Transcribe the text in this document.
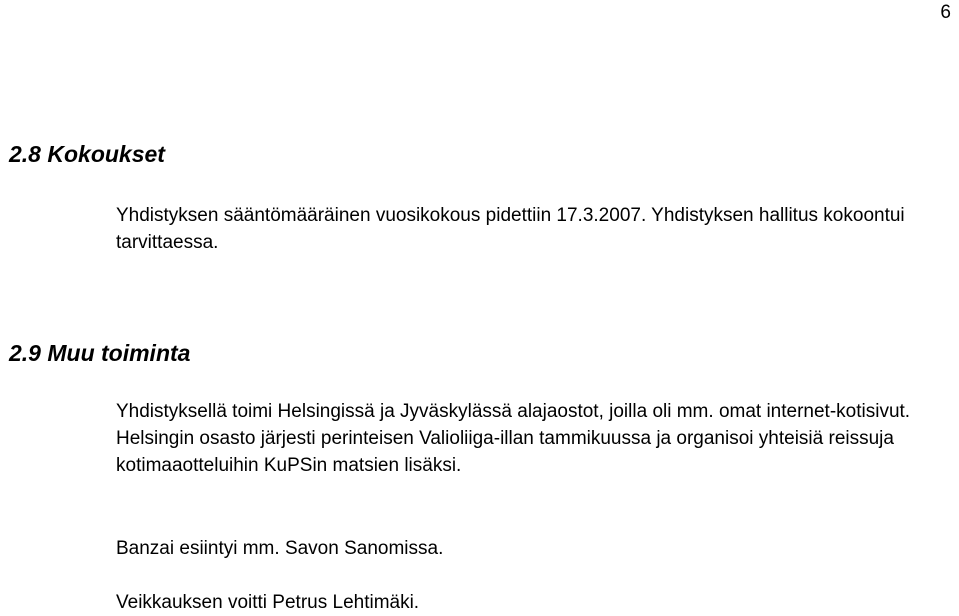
6
2.8 Kokoukset

Yhdistyksen sääntömääräinen vuosikokous pidettiin 17.3.2007. Yhdistyksen hallitus kokoontui tarvittaessa.

2.9 Muu toiminta

Yhdistyksellä toimi Helsingissä ja Jyväskylässä alajaostot, joilla oli mm. omat internet-kotisivut. Helsingin osasto järjesti perinteisen Valioliiga-illan tammikuussa ja organisoi yhteisiä reissuja kotimaaotteluihin KuPSin matsien lisäksi.

Banzai esiintyi mm. Savon Sanomissa.

Veikkauksen voitti Petrus Lehtimäki.
